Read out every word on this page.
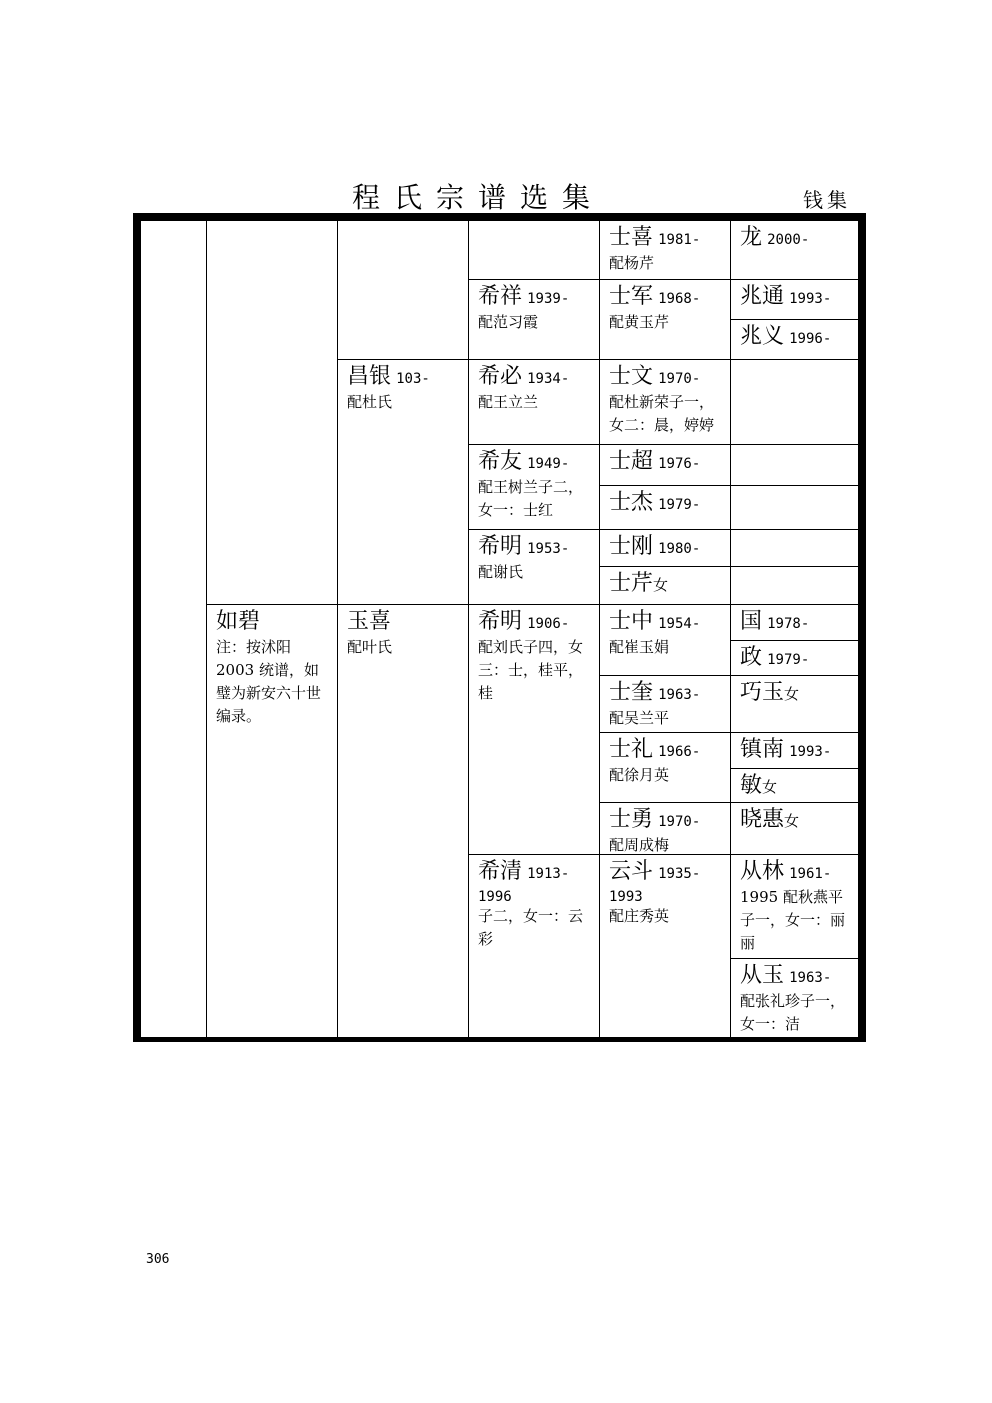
程氏宗谱选集	钱集
如碧
注：按沭阳 2003 统谱，如璧为新安六十世编录。
昌银 103-
配杜氏
玉喜
配叶氏
希祥 1939-
配范习霞
希必 1934-
配王立兰
希友 1949-
配王树兰子二，女一：士红
希明 1953-
配谢氏
希明 1906-
配刘氏子四，女三：士，桂平，桂
希清 1913-1996
子二，女一：云彩
士喜 1981-
配杨芹
士军 1968-
配黄玉芹
士文 1970-
配杜新荣子一，女二：晨，婷婷
士超 1976-
士杰 1979-
士刚 1980-
士芹女
士中 1954-
配崔玉娟
士奎 1963-
配吴兰平
士礼 1966-
配徐月英
士勇 1970-
配周成梅
云斗 1935-1993
配庄秀英
龙 2000-
兆通 1993-
兆义 1996-
国 1978-
政 1979-
巧玉女
镇南 1993-
敏女
晓惠女
从林 1961-
1995 配秋燕平子一，女一：丽丽
从玉 1963-
配张礼珍子一，女一：洁
306
